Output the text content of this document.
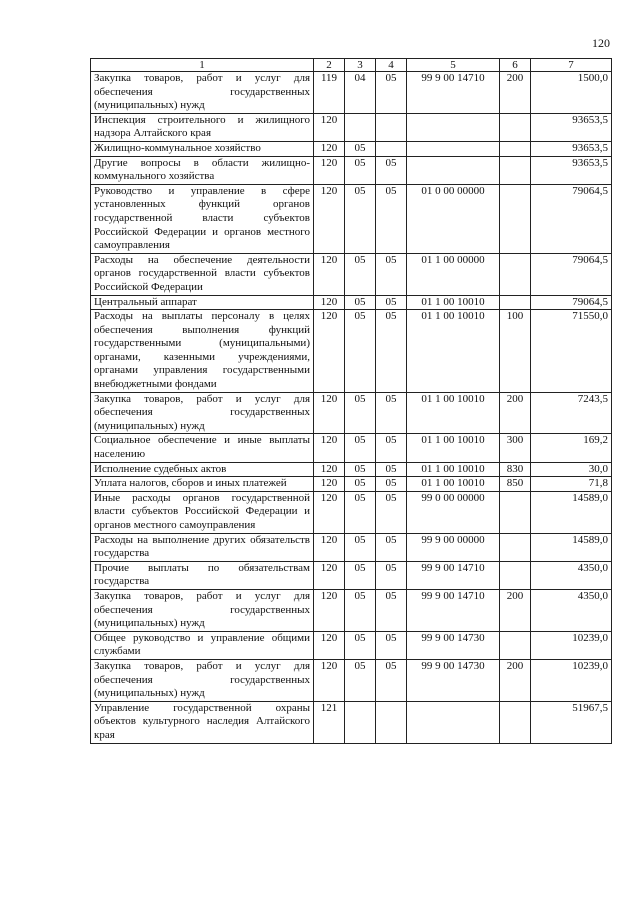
120
1	2	3	4	5	6	7
Закупка товаров, работ и услуг для обеспечения государственных (муниципальных) нужд	119	04	05	99 9 00 14710	200	1500,0
Инспекция строительного и жилищного надзора Алтайского края	120					93653,5
Жилищно-коммунальное хозяйство	120	05				93653,5
Другие вопросы в области жилищно-коммунального хозяйства	120	05	05			93653,5
Руководство и управление в сфере установленных функций органов государственной власти субъектов Российской Федерации и органов местного самоуправления	120	05	05	01 0 00 00000		79064,5
Расходы на обеспечение деятельности органов государственной власти субъектов Российской Федерации	120	05	05	01 1 00 00000		79064,5
Центральный аппарат	120	05	05	01 1 00 10010		79064,5
Расходы на выплаты персоналу в целях обеспечения выполнения функций государственными (муниципальными) органами, казенными учреждениями, органами управления государственными внебюджетными фондами	120	05	05	01 1 00 10010	100	71550,0
Закупка товаров, работ и услуг для обеспечения государственных (муниципальных) нужд	120	05	05	01 1 00 10010	200	7243,5
Социальное обеспечение и иные выплаты населению	120	05	05	01 1 00 10010	300	169,2
Исполнение судебных актов	120	05	05	01 1 00 10010	830	30,0
Уплата налогов, сборов и иных платежей	120	05	05	01 1 00 10010	850	71,8
Иные расходы органов государственной власти субъектов Российской Федерации и органов местного самоуправления	120	05	05	99 0 00 00000		14589,0
Расходы на выполнение других обязательств государства	120	05	05	99 9 00 00000		14589,0
Прочие выплаты по обязательствам государства	120	05	05	99 9 00 14710		4350,0
Закупка товаров, работ и услуг для обеспечения государственных (муниципальных) нужд	120	05	05	99 9 00 14710	200	4350,0
Общее руководство и управление общими службами	120	05	05	99 9 00 14730		10239,0
Закупка товаров, работ и услуг для обеспечения государственных (муниципальных) нужд	120	05	05	99 9 00 14730	200	10239,0
Управление государственной охраны объектов культурного наследия Алтайского края	121					51967,5
